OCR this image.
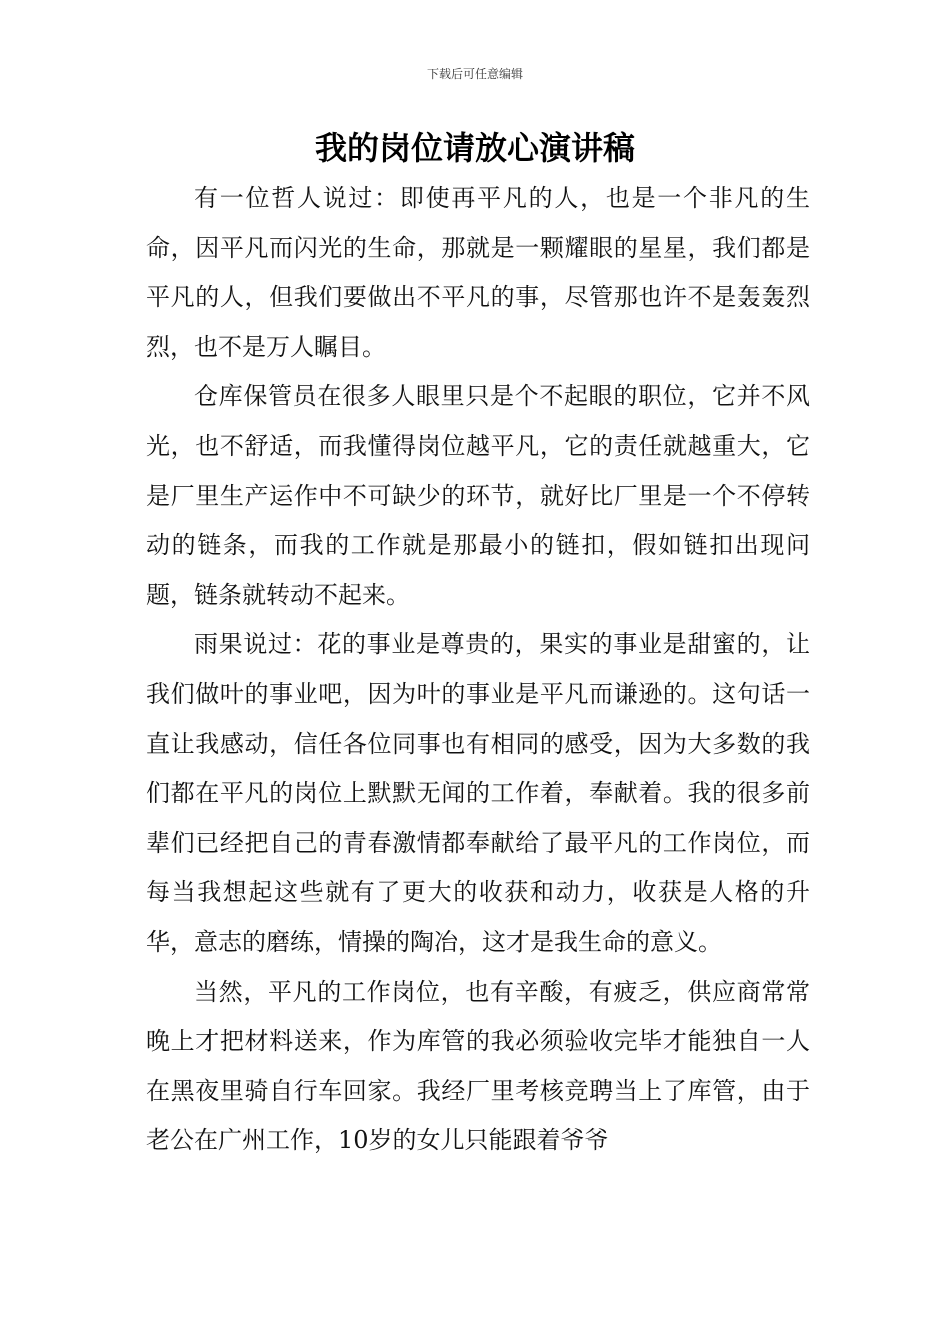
下载后可任意编辑
我的岗位请放心演讲稿

有一位哲人说过：即使再平凡的人，也是一个非凡的生命，因平凡而闪光的生命，那就是一颗耀眼的星星，我们都是平凡的人，但我们要做出不平凡的事，尽管那也许不是轰轰烈烈，也不是万人瞩目。

仓库保管员在很多人眼里只是个不起眼的职位，它并不风光，也不舒适，而我懂得岗位越平凡，它的责任就越重大，它是厂里生产运作中不可缺少的环节，就好比厂里是一个不停转动的链条，而我的工作就是那最小的链扣，假如链扣出现问题，链条就转动不起来。

雨果说过：花的事业是尊贵的，果实的事业是甜蜜的，让我们做叶的事业吧，因为叶的事业是平凡而谦逊的。这句话一直让我感动，信任各位同事也有相同的感受，因为大多数的我们都在平凡的岗位上默默无闻的工作着，奉献着。我的很多前辈们已经把自己的青春激情都奉献给了最平凡的工作岗位，而每当我想起这些就有了更大的收获和动力，收获是人格的升华，意志的磨练，情操的陶冶，这才是我生命的意义。

当然，平凡的工作岗位，也有辛酸，有疲乏，供应商常常晚上才把材料送来，作为库管的我必须验收完毕才能独自一人在黑夜里骑自行车回家。我经厂里考核竞聘当上了库管，由于老公在广州工作，10岁的女儿只能跟着爷爷
